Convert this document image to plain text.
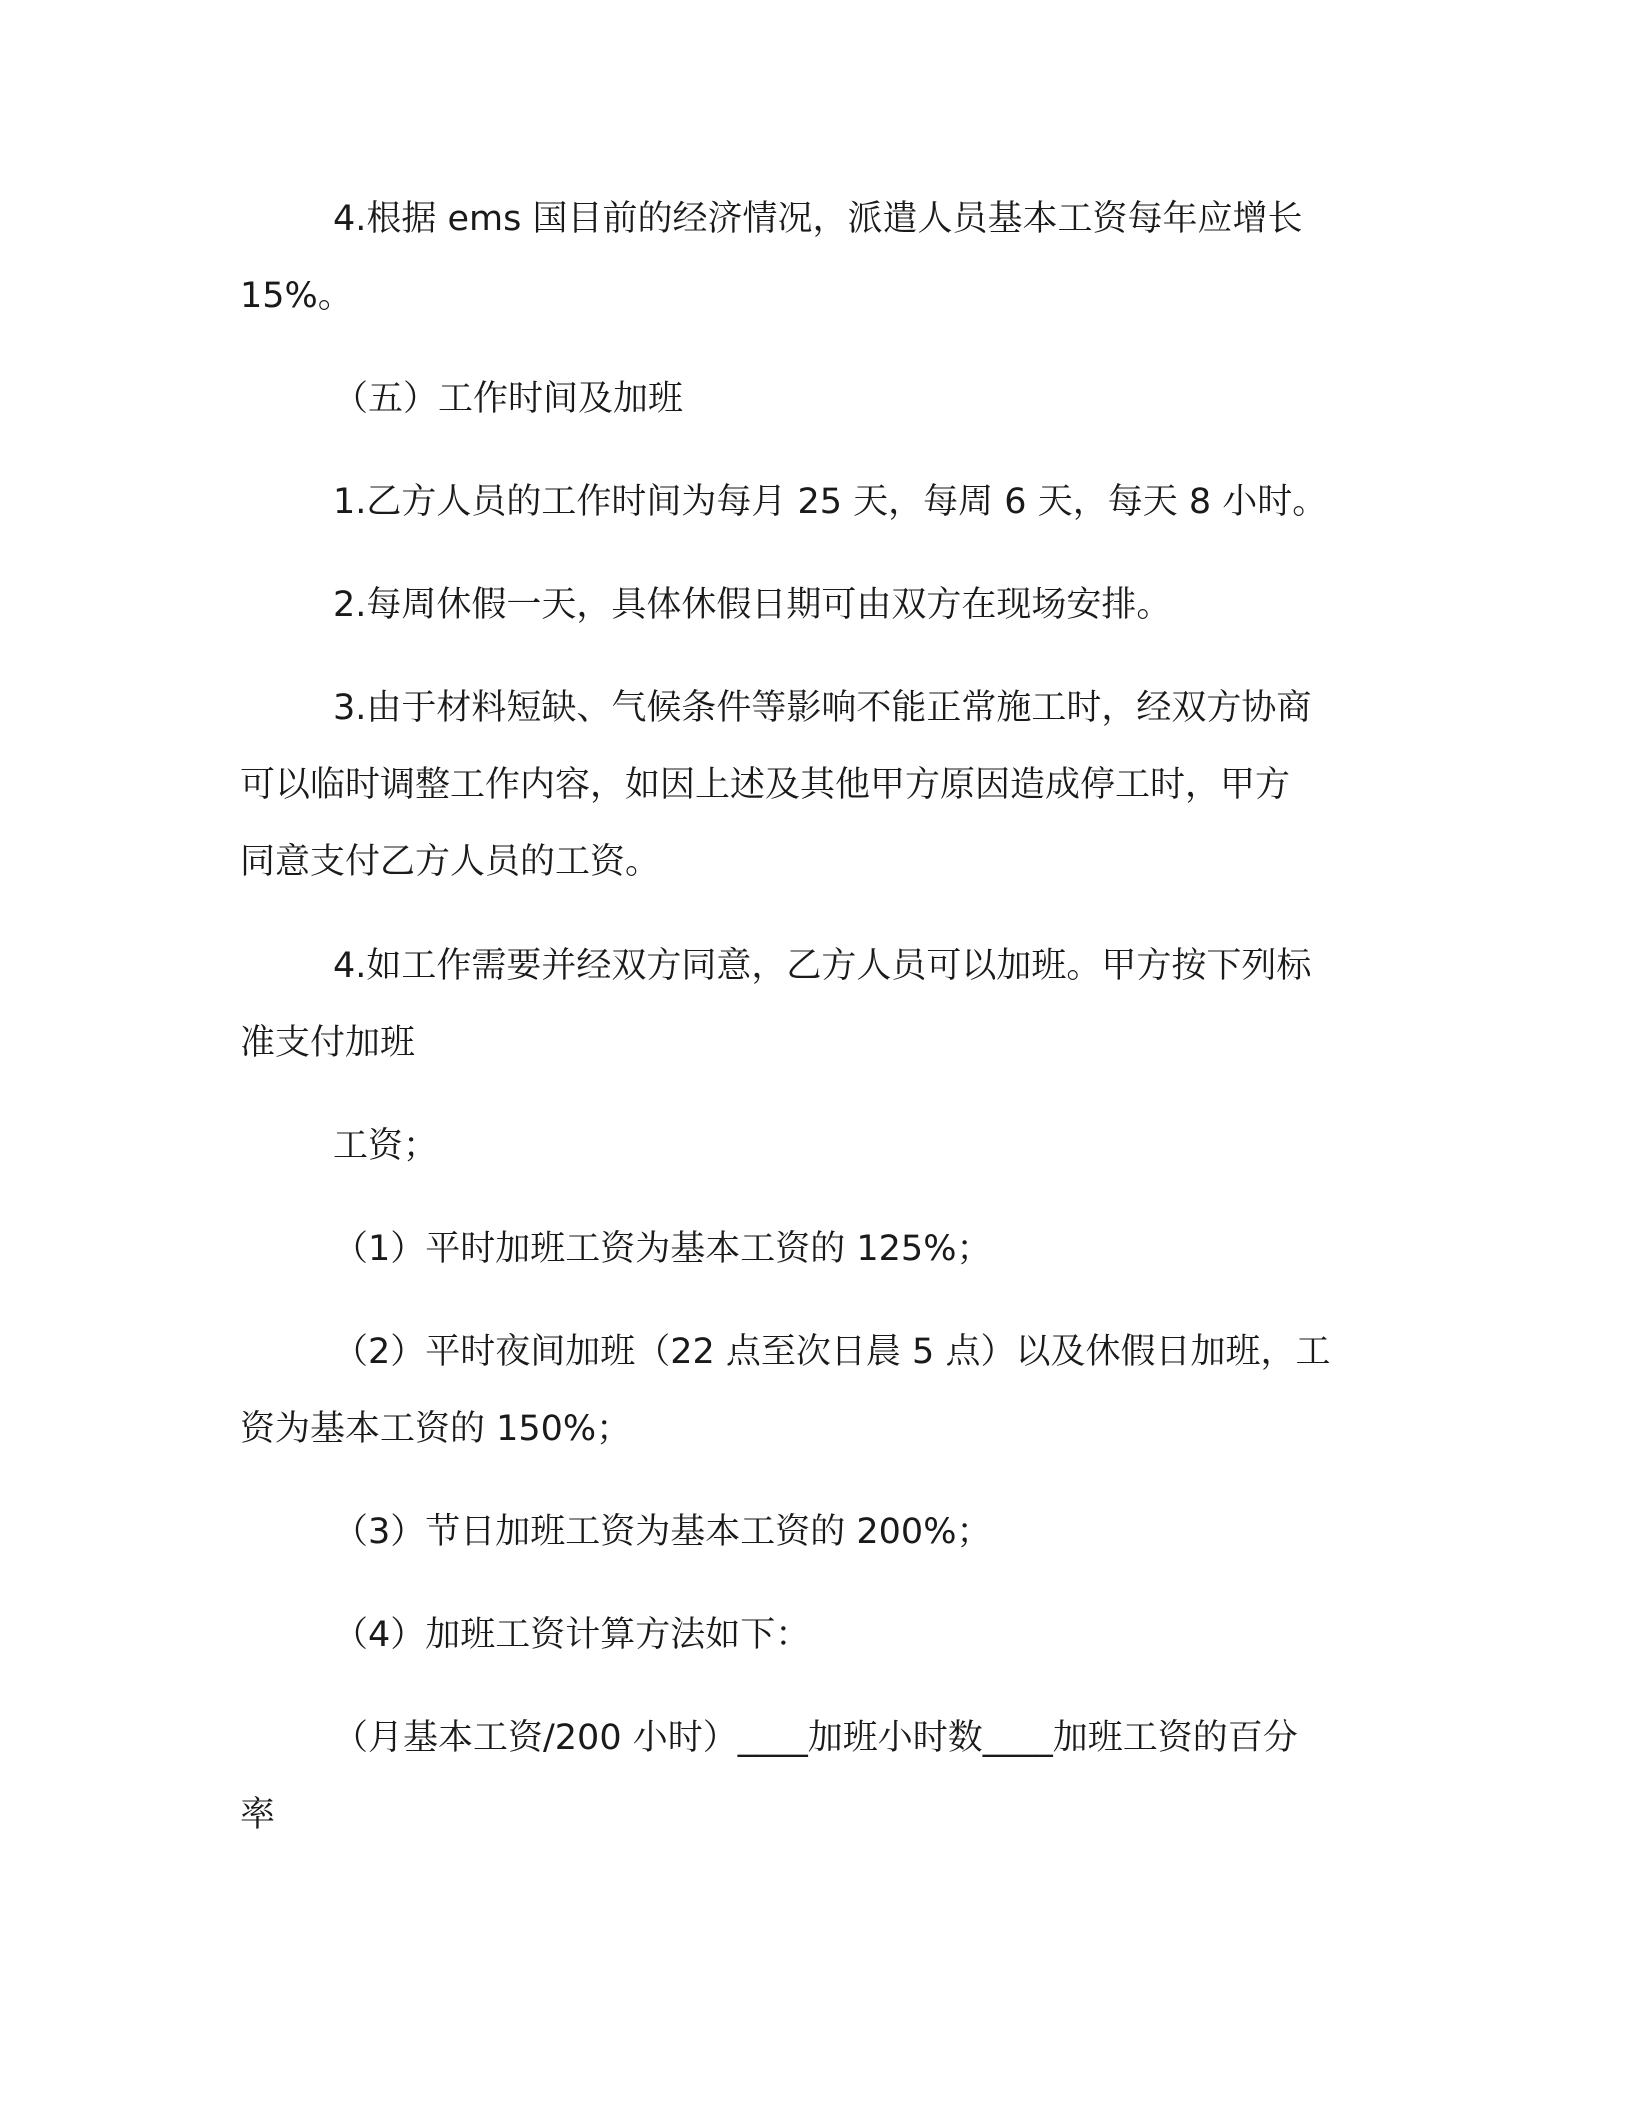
4.根据 ems 国目前的经济情况，派遣人员基本工资每年应增长

15%。

（五）工作时间及加班

1.乙方人员的工作时间为每月 25 天，每周 6 天，每天 8 小时。

2.每周休假一天，具体休假日期可由双方在现场安排。

3.由于材料短缺、气候条件等影响不能正常施工时，经双方协商

可以临时调整工作内容，如因上述及其他甲方原因造成停工时，甲方

同意支付乙方人员的工资。

4.如工作需要并经双方同意，乙方人员可以加班。甲方按下列标

准支付加班

工资；

（1）平时加班工资为基本工资的 125%；

（2）平时夜间加班（22 点至次日晨 5 点）以及休假日加班，工

资为基本工资的 150%；

（3）节日加班工资为基本工资的 200%；

（4）加班工资计算方法如下：

（月基本工资/200 小时）____加班小时数____加班工资的百分

率
